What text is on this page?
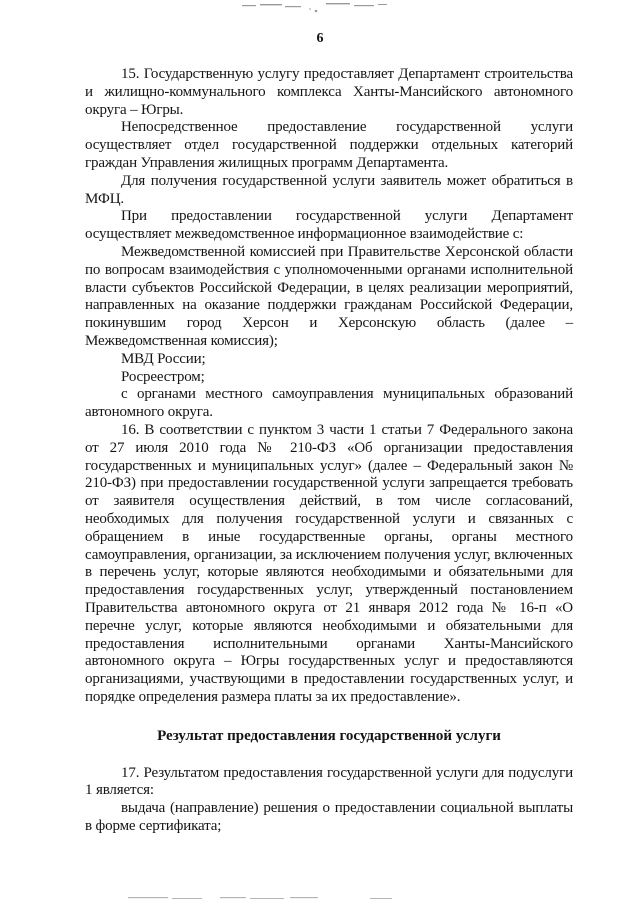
6

15. Государственную услугу предоставляет Департамент строительства и жилищно-коммунального комплекса Ханты-Мансийского автономного округа – Югры.

Непосредственное предоставление государственной услуги осуществляет отдел государственной поддержки отдельных категорий граждан Управления жилищных программ Департамента.

Для получения государственной услуги заявитель может обратиться в МФЦ.

При предоставлении государственной услуги Департамент осуществляет межведомственное информационное взаимодействие с:

Межведомственной комиссией при Правительстве Херсонской области по вопросам взаимодействия с уполномоченными органами исполнительной власти субъектов Российской Федерации, в целях реализации мероприятий, направленных на оказание поддержки гражданам Российской Федерации, покинувшим город Херсон и Херсонскую область (далее – Межведомственная комиссия);

МВД России;

Росреестром;

с органами местного самоуправления муниципальных образований автономного округа.

16. В соответствии с пунктом 3 части 1 статьи 7 Федерального закона от 27 июля 2010 года № 210-ФЗ «Об организации предоставления государственных и муниципальных услуг» (далее – Федеральный закон № 210-ФЗ) при предоставлении государственной услуги запрещается требовать от заявителя осуществления действий, в том числе согласований, необходимых для получения государственной услуги и связанных с обращением в иные государственные органы, органы местного самоуправления, организации, за исключением получения услуг, включенных в перечень услуг, которые являются необходимыми и обязательными для предоставления государственных услуг, утвержденный постановлением Правительства автономного округа от 21 января 2012 года № 16-п «О перечне услуг, которые являются необходимыми и обязательными для предоставления исполнительными органами Ханты-Мансийского автономного округа – Югры государственных услуг и предоставляются организациями, участвующими в предоставлении государственных услуг, и порядке определения размера платы за их предоставление».

Результат предоставления государственной услуги

17. Результатом предоставления государственной услуги для подуслуги 1 является:

выдача (направление) решения о предоставлении социальной выплаты в форме сертификата;
